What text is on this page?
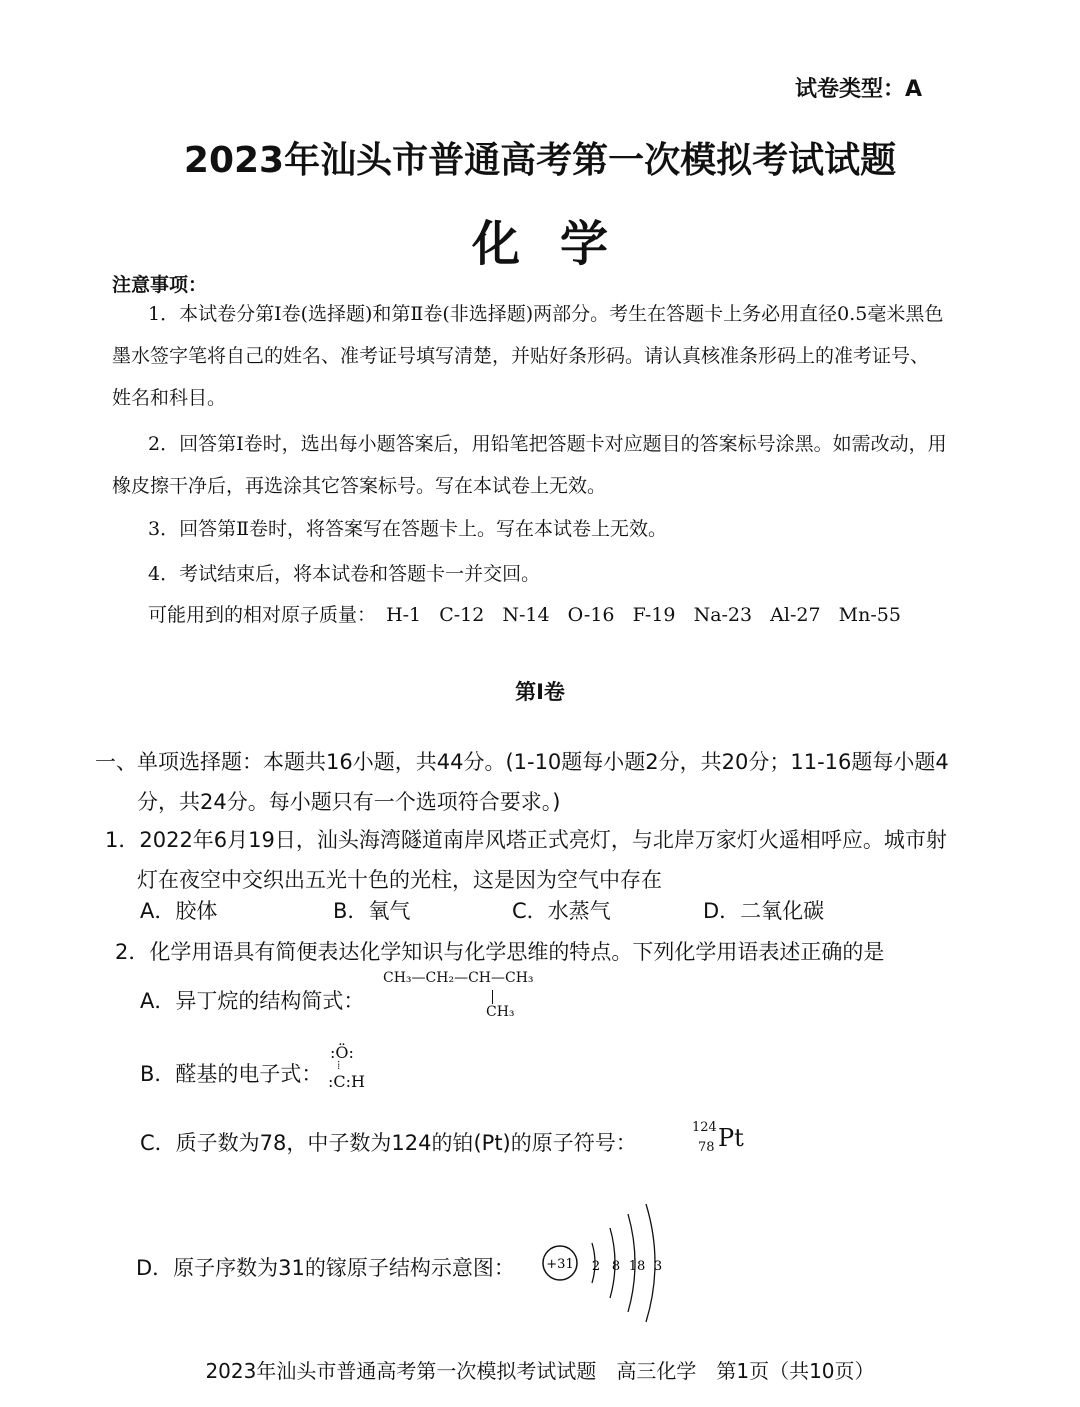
试卷类型：A
2023年汕头市普通高考第一次模拟考试试题
化学
注意事项：
1．本试卷分第Ⅰ卷(选择题)和第Ⅱ卷(非选择题)两部分。考生在答题卡上务必用直径0.5毫米黑色墨水签字笔将自己的姓名、准考证号填写清楚，并贴好条形码。请认真核准条形码上的准考证号、姓名和科目。
2．回答第Ⅰ卷时，选出每小题答案后，用铅笔把答题卡对应题目的答案标号涂黑。如需改动，用橡皮擦干净后，再选涂其它答案标号。写在本试卷上无效。
3．回答第Ⅱ卷时，将答案写在答题卡上。写在本试卷上无效。
4．考试结束后，将本试卷和答题卡一并交回。
可能用到的相对原子质量： H-1 C-12 N-14 O-16 F-19 Na-23 Al-27 Mn-55
第Ⅰ卷
一、单项选择题：本题共16小题，共44分。(1-10题每小题2分，共20分；11-16题每小题4分，共24分。每小题只有一个选项符合要求。)
1．2022年6月19日，汕头海湾隧道南岸风塔正式亮灯，与北岸万家灯火遥相呼应。城市射灯在夜空中交织出五光十色的光柱，这是因为空气中存在
A．胶体	B．氧气	C．水蒸气	D．二氧化碳
2．化学用语具有简便表达化学知识与化学思维的特点。下列化学用语表述正确的是
A．异丁烷的结构简式：
CH₃—CH₂—CH—CH₃
CH₃
B．醛基的电子式：
:Ö:
⁞
:C:H
C．质子数为78，中子数为124的铂(Pt)的原子符号：
124
78 Pt
D．原子序数为31的镓原子结构示意图： +31 2 8 18 3
2023年汕头市普通高考第一次模拟考试试题　高三化学　第1页（共10页）
